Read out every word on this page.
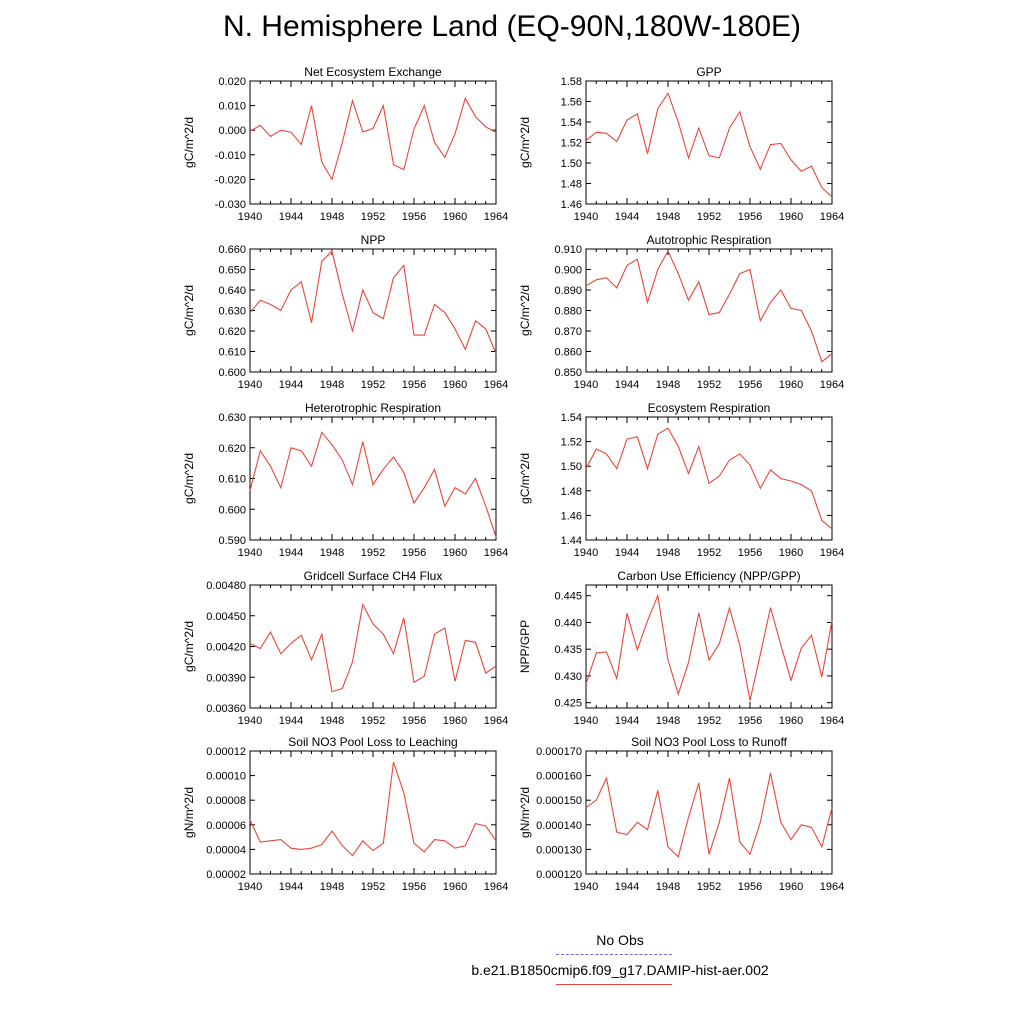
N. Hemisphere Land (EQ-90N,180W-180E)
Net Ecosystem Exchange
gC/m^2/d
0.020
0.010
0.000
-0.010
-0.020
-0.030
1940 1944 1948 1952 1956 1960 1964
GPP
gC/m^2/d
1.58
1.56
1.54
1.52
1.50
1.48
1.46
1940 1944 1948 1952 1956 1960 1964
NPP
gC/m^2/d
0.660
0.650
0.640
0.630
0.620
0.610
0.600
1940 1944 1948 1952 1956 1960 1964
Autotrophic Respiration
gC/m^2/d
0.910
0.900
0.890
0.880
0.870
0.860
0.850
1940 1944 1948 1952 1956 1960 1964
Heterotrophic Respiration
gC/m^2/d
0.630
0.620
0.610
0.600
0.590
1940 1944 1948 1952 1956 1960 1964
Ecosystem Respiration
gC/m^2/d
1.54
1.52
1.50
1.48
1.46
1.44
1940 1944 1948 1952 1956 1960 1964
Gridcell Surface CH4 Flux
gC/m^2/d
0.00480
0.00450
0.00420
0.00390
0.00360
1940 1944 1948 1952 1956 1960 1964
Carbon Use Efficiency (NPP/GPP)
NPP/GPP
0.445
0.440
0.435
0.430
0.425
1940 1944 1948 1952 1956 1960 1964
Soil NO3 Pool Loss to Leaching
gN/m^2/d
0.00012
0.00010
0.00008
0.00006
0.00004
0.00002
1940 1944 1948 1952 1956 1960 1964
Soil NO3 Pool Loss to Runoff
gN/m^2/d
0.000170
0.000160
0.000150
0.000140
0.000130
0.000120
1940 1944 1948 1952 1956 1960 1964
No Obs
b.e21.B1850cmip6.f09_g17.DAMIP-hist-aer.002
